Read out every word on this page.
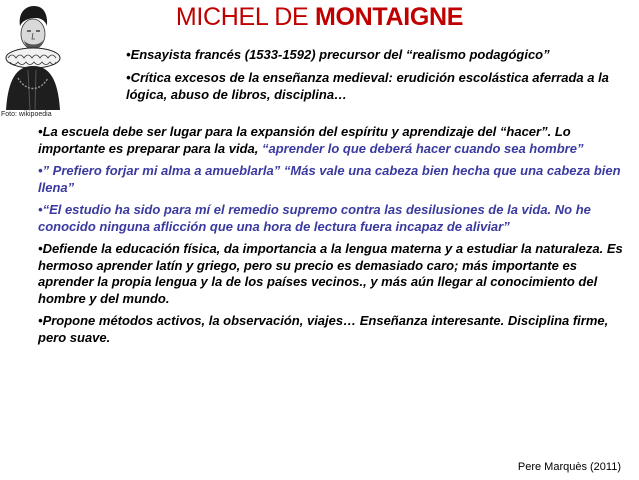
MICHEL DE MONTAIGNE
Foto: wikipoedia

•Ensayista francés (1533-1592) precursor del “realismo podagógico”

•Crítica excesos de la enseñanza medieval: erudición escolástica aferrada a la lógica, abuso de libros, disciplina…

•La escuela debe ser lugar para la expansión del espíritu y aprendizaje del “hacer”. Lo importante es preparar para la vida, “aprender lo que deberá hacer cuando sea hombre”

•” Prefiero forjar mi alma a amueblarla” “Más vale una cabeza bien hecha que una cabeza bien llena”

•“El estudio ha sido para mí el remedio supremo contra las desilusiones de la vida. No he conocido ninguna aflicción que una hora de lectura fuera incapaz de aliviar”

•Defiende la educación física, da importancia a la lengua materna y a estudiar la naturaleza. Es hermoso aprender latín y griego, pero su precio es demasiado caro; más importante es aprender la propia lengua y la de los países vecinos., y más aún llegar al conocimiento del hombre y del mundo.

•Propone métodos activos, la observación, viajes… Enseñanza interesante. Disciplina firme, pero suave.

Pere Marquès (2011)
